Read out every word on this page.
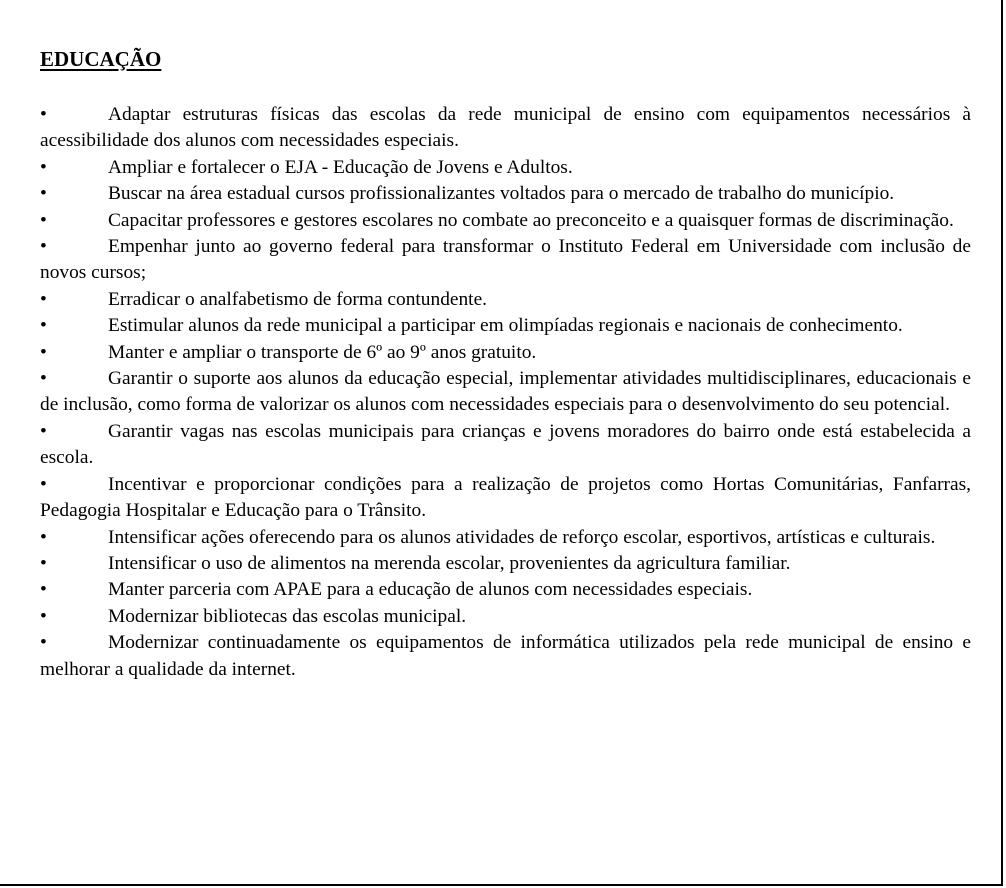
EDUCAÇÃO
•	Adaptar estruturas físicas das escolas da rede municipal de ensino com equipamentos necessários à acessibilidade dos alunos com necessidades especiais.
•	Ampliar e fortalecer o EJA - Educação de Jovens e Adultos.
•	Buscar na área estadual cursos profissionalizantes voltados para o mercado de trabalho do município.
•	Capacitar professores e gestores escolares no combate ao preconceito e a quaisquer formas de discriminação.
•	Empenhar junto ao governo federal para transformar o Instituto Federal em Universidade com inclusão de novos cursos;
•	Erradicar o analfabetismo de forma contundente.
•	Estimular alunos da rede municipal a participar em olimpíadas regionais e nacionais de conhecimento.
•	Manter e ampliar o transporte de 6º ao 9º anos gratuito.
•	Garantir o suporte aos alunos da educação especial, implementar atividades multidisciplinares, educacionais e de inclusão, como forma de valorizar os alunos com necessidades especiais para o desenvolvimento do seu potencial.
•	Garantir vagas nas escolas municipais para crianças e jovens moradores do bairro onde está estabelecida a escola.
•	Incentivar e proporcionar condições para a realização de projetos como Hortas Comunitárias, Fanfarras, Pedagogia Hospitalar e Educação para o Trânsito.
•	Intensificar ações oferecendo para os alunos atividades de reforço escolar, esportivos, artísticas e culturais.
•	Intensificar o uso de alimentos na merenda escolar, provenientes da agricultura familiar.
•	Manter parceria com APAE para a educação de alunos com necessidades especiais.
•	Modernizar bibliotecas das escolas municipal.
•	Modernizar continuadamente os equipamentos de informática utilizados pela rede municipal de ensino e melhorar a qualidade da internet.
